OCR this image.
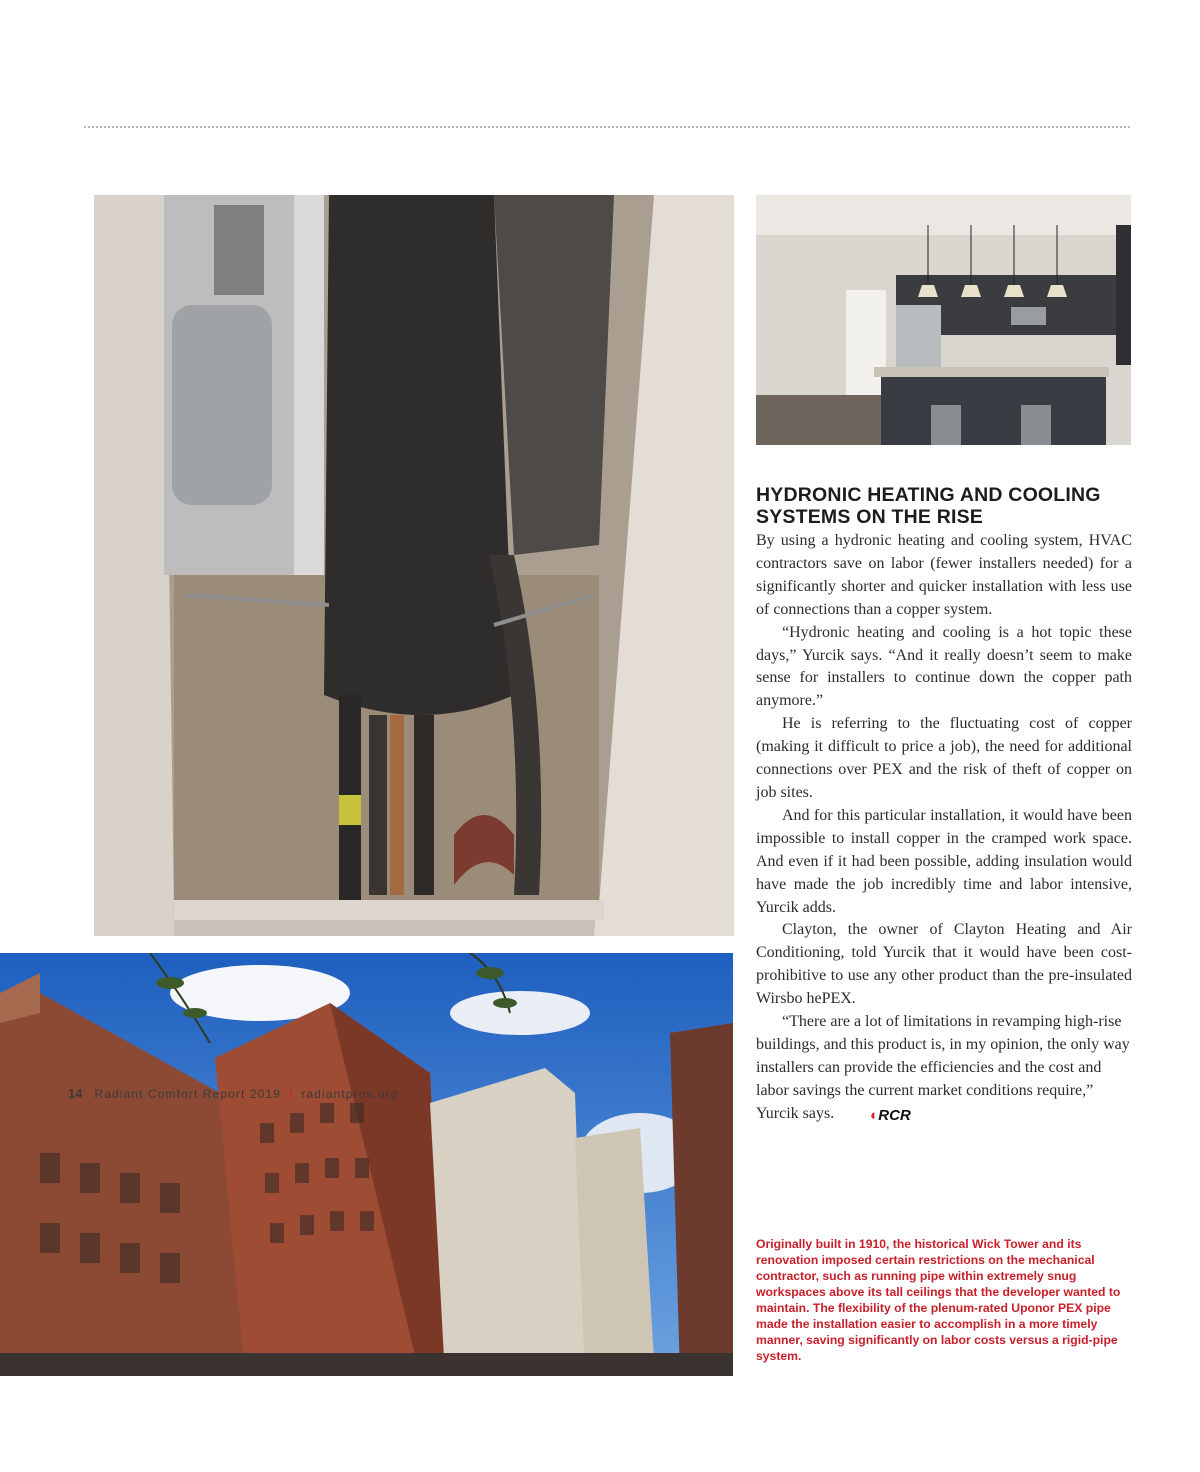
HYDRONIC HEATING AND COOLING SYSTEMS ON THE RISE

By using a hydronic heating and cooling system, HVAC contractors save on labor (fewer installers needed) for a significantly shorter and quicker installation with less use of connections than a copper system.

“Hydronic heating and cooling is a hot topic these days,” Yurcik says. “And it really doesn’t seem to make sense for installers to continue down the copper path anymore.”

He is referring to the fluctuating cost of copper (making it difficult to price a job), the need for additional connections over PEX and the risk of theft of copper on job sites.

And for this particular installation, it would have been impossible to install copper in the cramped work space. And even if it had been possible, adding insulation would have made the job incredibly time and labor intensive, Yurcik adds.

Clayton, the owner of Clayton Heating and Air Conditioning, told Yurcik that it would have been cost-prohibitive to use any other product than the pre-insulated Wirsbo hePEX.

“There are a lot of limitations in revamping high-rise buildings, and this product is, in my opinion, the only way installers can provide the efficiencies and the cost and labor savings the current market conditions require,” Yurcik says. ◖RCR

Originally built in 1910, the historical Wick Tower and its renovation imposed certain restrictions on the mechanical contractor, such as running pipe within extremely snug workspaces above its tall ceilings that the developer wanted to maintain. The flexibility of the plenum-rated Uponor PEX pipe made the installation easier to accomplish in a more timely manner, saving significantly on labor costs versus a rigid-pipe system.

14 Radiant Comfort Report 2019 / radiantpros.org
